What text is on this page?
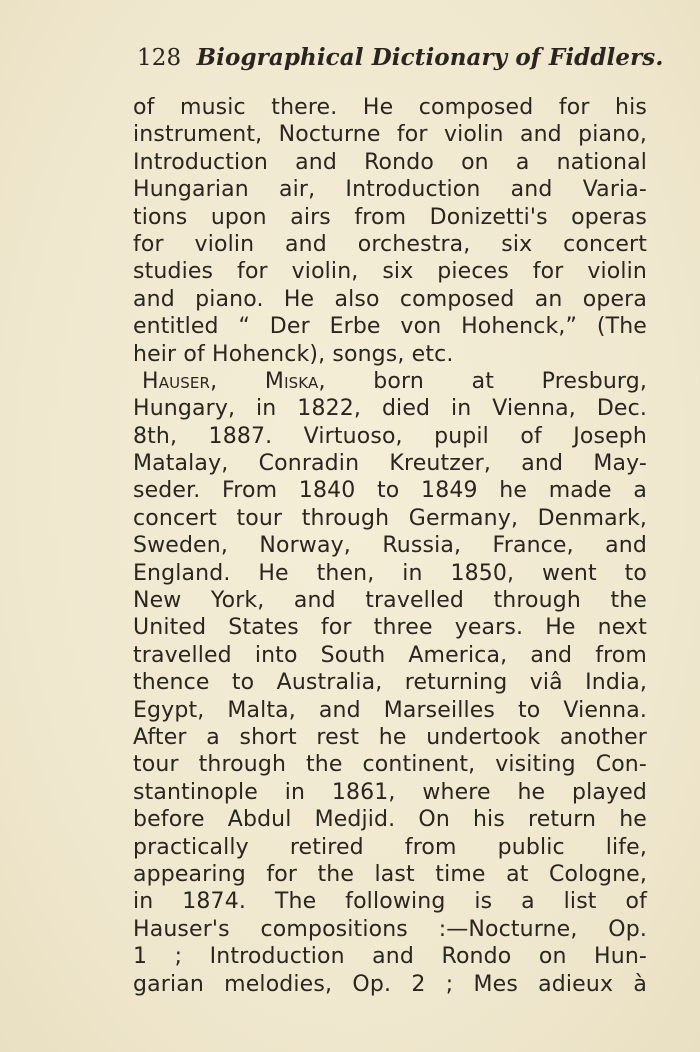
128 Biographical Dictionary of Fiddlers.
of music there. He composed for his
instrument, Nocturne for violin and piano,
Introduction and Rondo on a national
Hungarian air, Introduction and Varia-
tions upon airs from Donizetti's operas
for violin and orchestra, six concert
studies for violin, six pieces for violin
and piano. He also composed an opera
entitled “ Der Erbe von Hohenck,” (The
heir of Hohenck), songs, etc.
Hauser, Miska, born at Presburg,
Hungary, in 1822, died in Vienna, Dec.
8th, 1887. Virtuoso, pupil of Joseph
Matalay, Conradin Kreutzer, and May-
seder. From 1840 to 1849 he made a
concert tour through Germany, Denmark,
Sweden, Norway, Russia, France, and
England. He then, in 1850, went to
New York, and travelled through the
United States for three years. He next
travelled into South America, and from
thence to Australia, returning viâ India,
Egypt, Malta, and Marseilles to Vienna.
After a short rest he undertook another
tour through the continent, visiting Con-
stantinople in 1861, where he played
before Abdul Medjid. On his return he
practically retired from public life,
appearing for the last time at Cologne,
in 1874. The following is a list of
Hauser's compositions :—Nocturne, Op.
1 ; Introduction and Rondo on Hun-
garian melodies, Op. 2 ; Mes adieux à
